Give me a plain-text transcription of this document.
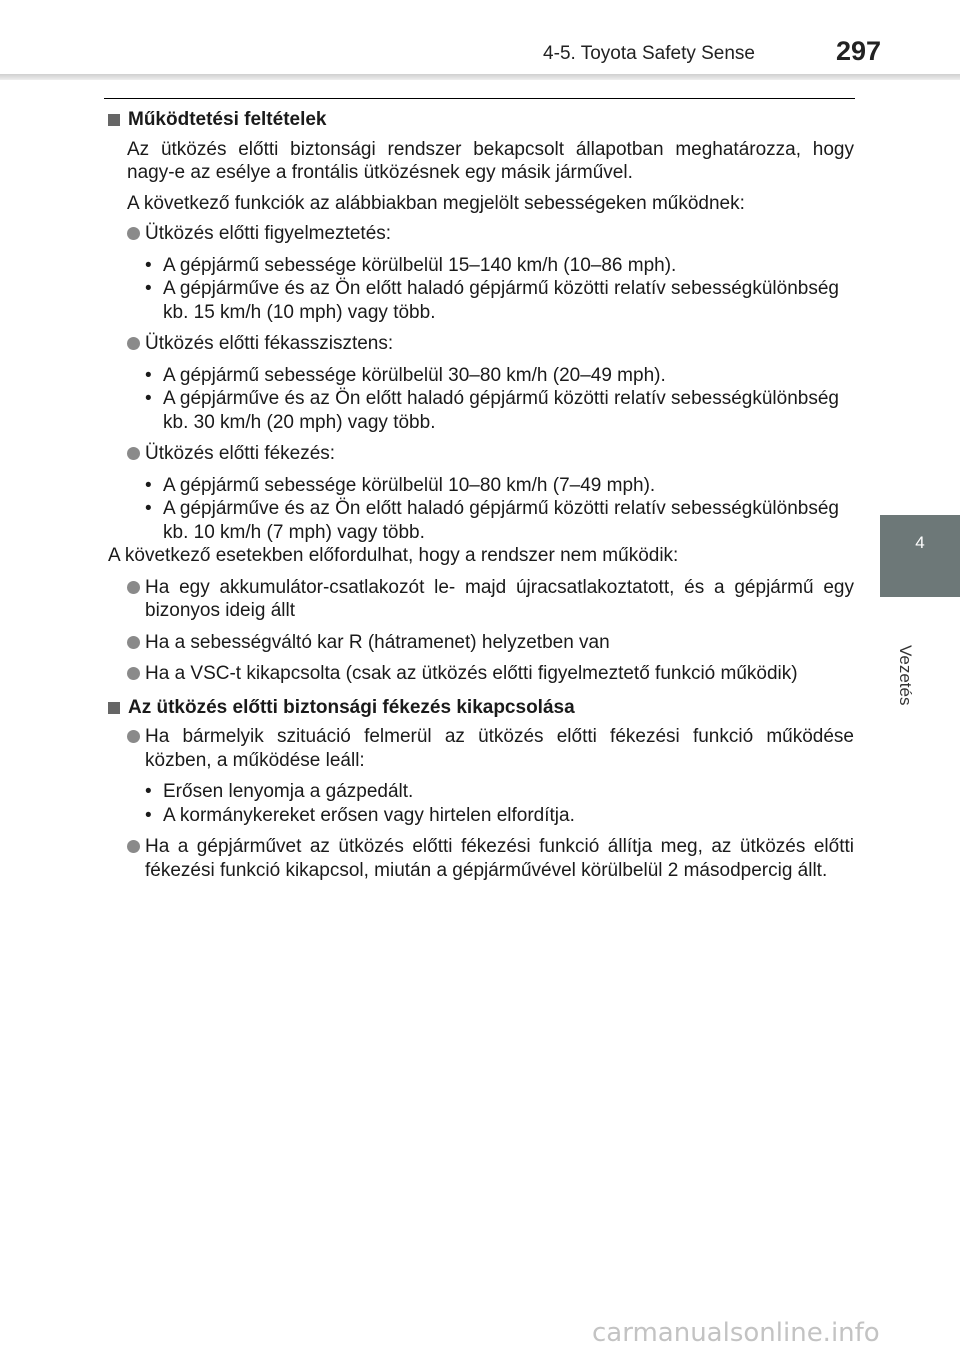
4-5. Toyota Safety Sense	297
4
Vezetés
Működtetési feltételek
Az ütközés előtti biztonsági rendszer bekapcsolt állapotban meghatározza, hogy nagy-e az esélye a frontális ütközésnek egy másik járművel.
A következő funkciók az alábbiakban megjelölt sebességeken működnek:
Ütközés előtti figyelmeztetés:
• A gépjármű sebessége körülbelül 15–140 km/h (10–86 mph).
• A gépjárműve és az Ön előtt haladó gépjármű közötti relatív sebességkülönbség kb. 15 km/h (10 mph) vagy több.
Ütközés előtti fékasszisztens:
• A gépjármű sebessége körülbelül 30–80 km/h (20–49 mph).
• A gépjárműve és az Ön előtt haladó gépjármű közötti relatív sebességkülönbség kb. 30 km/h (20 mph) vagy több.
Ütközés előtti fékezés:
• A gépjármű sebessége körülbelül 10–80 km/h (7–49 mph).
• A gépjárműve és az Ön előtt haladó gépjármű közötti relatív sebességkülönbség kb. 10 km/h (7 mph) vagy több.
A következő esetekben előfordulhat, hogy a rendszer nem működik:
Ha egy akkumulátor-csatlakozót le- majd újracsatlakoztatott, és a gépjármű egy bizonyos ideig állt
Ha a sebességváltó kar R (hátramenet) helyzetben van
Ha a VSC-t kikapcsolta (csak az ütközés előtti figyelmeztető funkció működik)
Az ütközés előtti biztonsági fékezés kikapcsolása
Ha bármelyik szituáció felmerül az ütközés előtti fékezési funkció működése közben, a működése leáll:
• Erősen lenyomja a gázpedált.
• A kormánykereket erősen vagy hirtelen elfordítja.
Ha a gépjárművet az ütközés előtti fékezési funkció állítja meg, az ütközés előtti fékezési funkció kikapcsol, miután a gépjárművével körülbelül 2 másodpercig állt.
carmanualsonline.info
